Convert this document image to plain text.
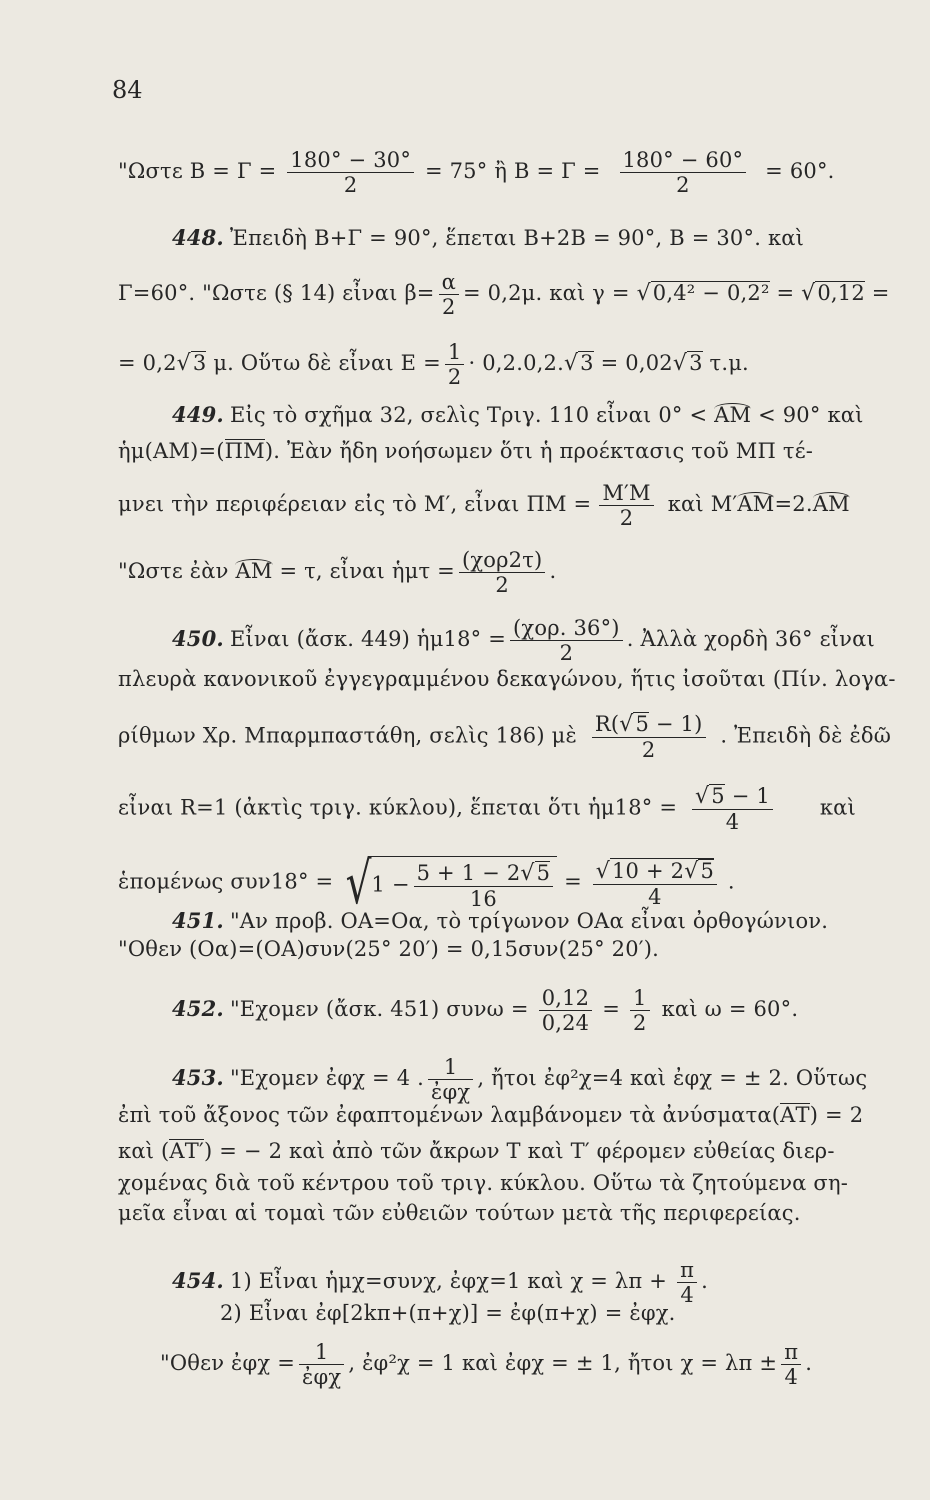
84
"Ωστε $B = \Gamma = \frac{180^\circ - 30^\circ}{2} = 75^\circ$ ἢ $B = \Gamma = \frac{180^\circ - 60^\circ}{2} = 60^\circ$.
448. Ἐπειδὴ Β+Γ = 90°, ἕπεται Β+2Β = 90°, Β = 30°. καὶ
Γ=60°. "Ωστε (§ 14) εἶναι $\beta= \frac{\alpha}{2} = 0,2\mu$. καὶ γ = √0,4² − 0,2² = √0,12 =
= 0,2√3 μ. Οὕτω δὲ εἶναι $E = \frac{1}{2} \cdot 0,2.0,2.√3 = 0,02√3$ τ.μ.
449. Εἰς τὸ σχῆμα 32, σελὶς Τριγ. 110 εἶναι 0° < ΑΜ < 90° καὶ
ἡμ(ΑΜ)=(ΠΜ). Ἐὰν ἤδη νοήσωμεν ὅτι ἡ προέκτασις τοῦ ΜΠ τέ-
μνει τὴν περιφέρειαν εἰς τὸ Μ′, εἶναι $\Pi M = \frac{M'M}{2}$ καὶ Μ′ΑΜ=2.ΑΜ
"Ωστε ἐὰν ΑΜ = τ, εἶναι ἡμτ = $\frac{\text{(χορ2τ)}}{2}$ .
450. Εἶναι (ἄσκ. 449) ἡμ18° = $\frac{\text{(χορ. 36°)}}{2}$ . Ἀλλὰ χορδὴ 36° εἶναι
πλευρὰ κανονικοῦ ἐγγεγραμμένου δεκαγώνου, ἥτις ἰσοῦται (Πίν. λογα-
ρίθμων Χρ. Μπαρμπαστάθη, σελὶς 186) μὲ $\frac{R(√5 - 1)}{2}$ . Ἐπειδὴ δὲ ἐδῶ
εἶναι R=1 (ἀκτὶς τριγ. κύκλου), ἕπεται ὅτι ἡμ18° = $\frac{√5 - 1}{4}$ καὶ
ἑπομένως $\sigma\upsilon\nu 18^\circ = √1 - \frac{5 + 1 - 2√5}{16} = \frac{√10 + 2√5}{4}$ .
451. "Αν προβ. ΟΑ=Οα, τὸ τρίγωνον ΟΑα εἶναι ὀρθογώνιον.
"Οθεν (Οα)=(ΟΑ)συν(25° 20′) = 0,15συν(25° 20′).
452. "Εχομεν (ἄσκ. 451) $\sigma\upsilon\nu\omega = \frac{0,12}{0,24} = \frac{1}{2}$ καὶ ω = 60°.
453. "Εχομεν ἐφχ = 4 . $\frac{1}{\text{ἐφχ}}$ , ἤτοι ἐφ²χ=4 καὶ ἐφχ = ± 2. Οὕτως
ἐπὶ τοῦ ἄξονος τῶν ἐφαπτομένων λαμβάνομεν τὰ ἀνύσματα(ΑΤ) = 2
καὶ (ΑΤ′) = − 2 καὶ ἀπὸ τῶν ἄκρων Τ καὶ Τ′ φέρομεν εὐθείας διερ-
χομένας διὰ τοῦ κέντρου τοῦ τριγ. κύκλου. Οὕτω τὰ ζητούμενα ση-
μεῖα εἶναι αἱ τομαὶ τῶν εὐθειῶν τούτων μετὰ τῆς περιφερείας.
454. 1) Εἶναι ἡμχ=συνχ, ἐφχ=1 καὶ $\chi = \lambda\pi + \frac{\pi}{4}$ .
2) Εἶναι ἐφ[2kπ+(π+χ)] = ἐφ(π+χ) = ἐφχ.
"Οθεν ἐφχ = $\frac{1}{\text{ἐφχ}}$ , ἐφ²χ = 1 καὶ ἐφχ = ± 1, ἤτοι $\chi = \lambda\pi \pm \frac{\pi}{4}$ .
